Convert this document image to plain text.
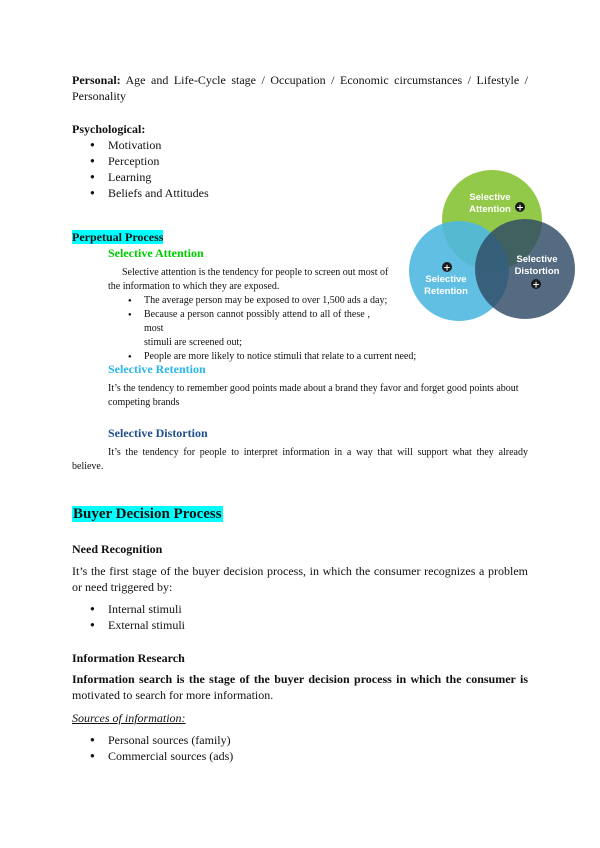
Personal: Age and Life-Cycle stage / Occupation / Economic circumstances / Lifestyle /
Personality
Psychological:
● Motivation
● Perception
● Learning
● Beliefs and Attitudes
Perpetual Process
Selective Attention
Selective attention is the tendency for people to screen out most of
the information to which they are exposed.
● The average person may be exposed to over 1,500 ads a day;
● Because a person cannot possibly attend to all of these , most
stimuli are screened out;
● People are more likely to notice stimuli that relate to a current need;
Selective
Attention +
+
Selective
Retention
Selective
Distortion
+
Selective Retention
It’s the tendency to remember good points made about a brand they favor and forget good points about
competing brands
Selective Distortion
It’s the tendency for people to interpret information in a way that will support what they already
believe.
Buyer Decision Process
Need Recognition
It’s the first stage of the buyer decision process, in which the consumer recognizes a problem
or need triggered by:
● Internal stimuli
● External stimuli
Information Research
Information search is the stage of the buyer decision process in which the consumer is
motivated to search for more information.
Sources of information:
● Personal sources (family)
● Commercial sources (ads)
